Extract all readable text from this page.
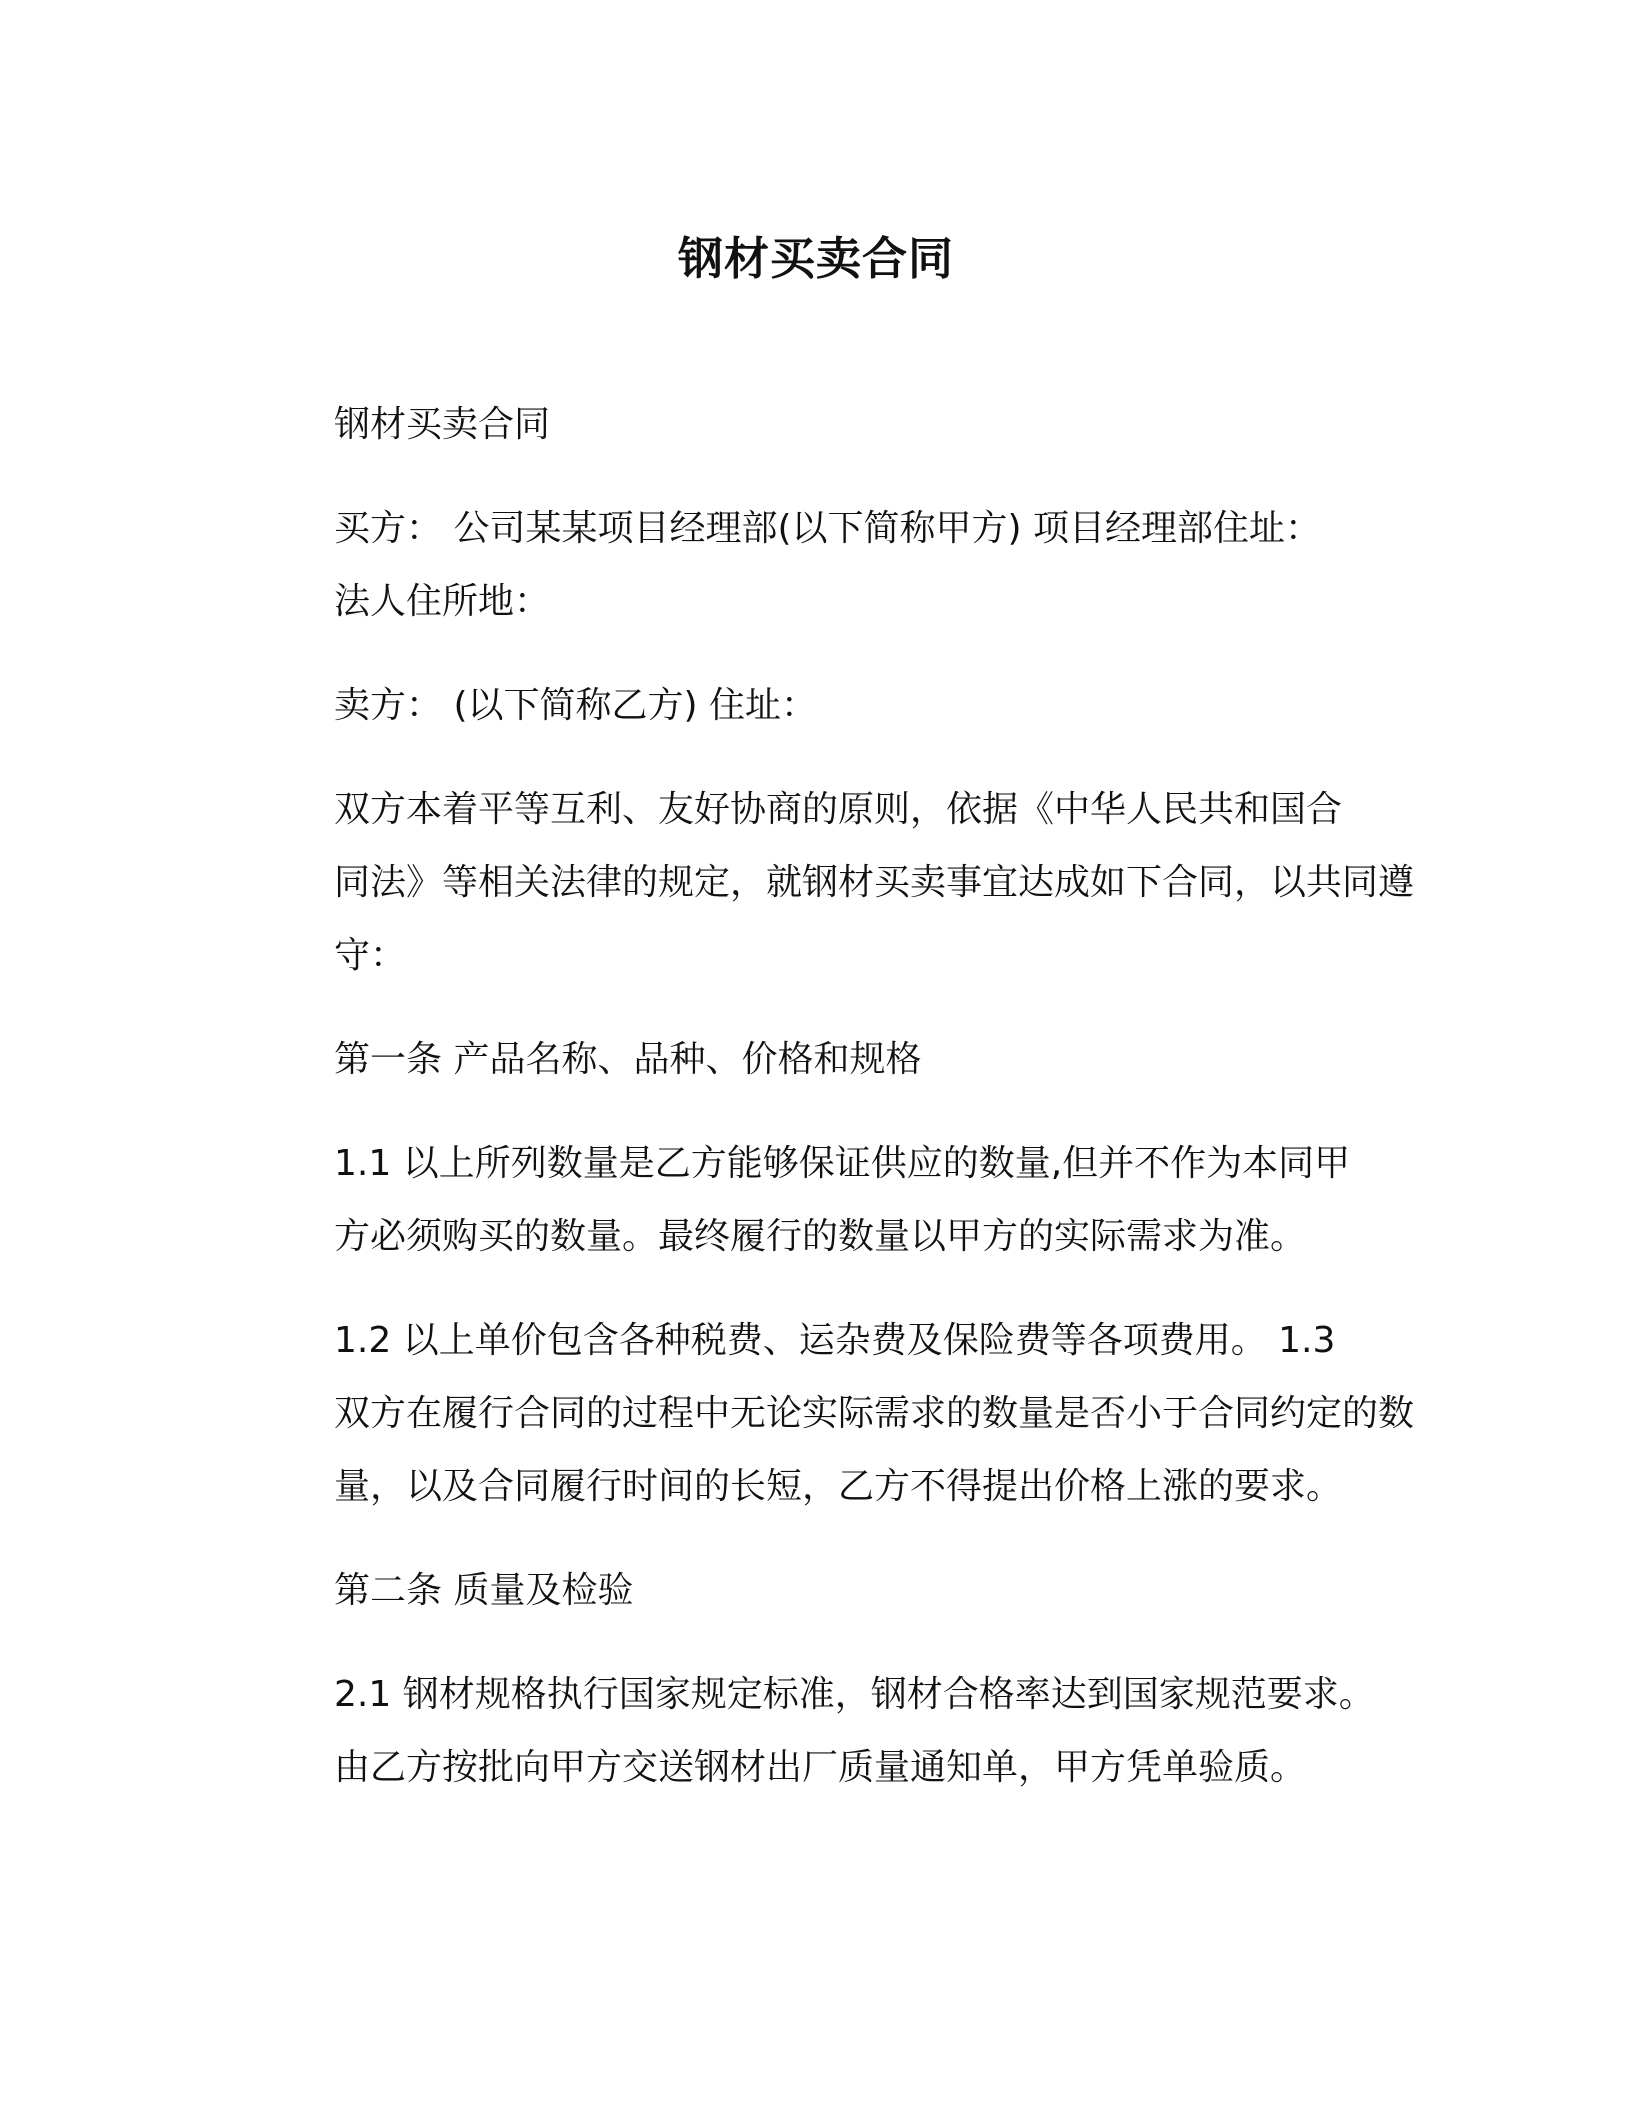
钢材买卖合同

钢材买卖合同

买方： 公司某某项目经理部(以下简称甲方) 项目经理部住址：
法人住所地：

卖方： (以下简称乙方) 住址：

双方本着平等互利、友好协商的原则，依据《中华人民共和国合
同法》等相关法律的规定，就钢材买卖事宜达成如下合同，以共同遵
守：

第一条 产品名称、品种、价格和规格

1.1 以上所列数量是乙方能够保证供应的数量,但并不作为本同甲
方必须购买的数量。最终履行的数量以甲方的实际需求为准。

1.2 以上单价包含各种税费、运杂费及保险费等各项费用。 1.3
双方在履行合同的过程中无论实际需求的数量是否小于合同约定的数
量，以及合同履行时间的长短，乙方不得提出价格上涨的要求。

第二条 质量及检验

2.1 钢材规格执行国家规定标准，钢材合格率达到国家规范要求。
由乙方按批向甲方交送钢材出厂质量通知单，甲方凭单验质。
